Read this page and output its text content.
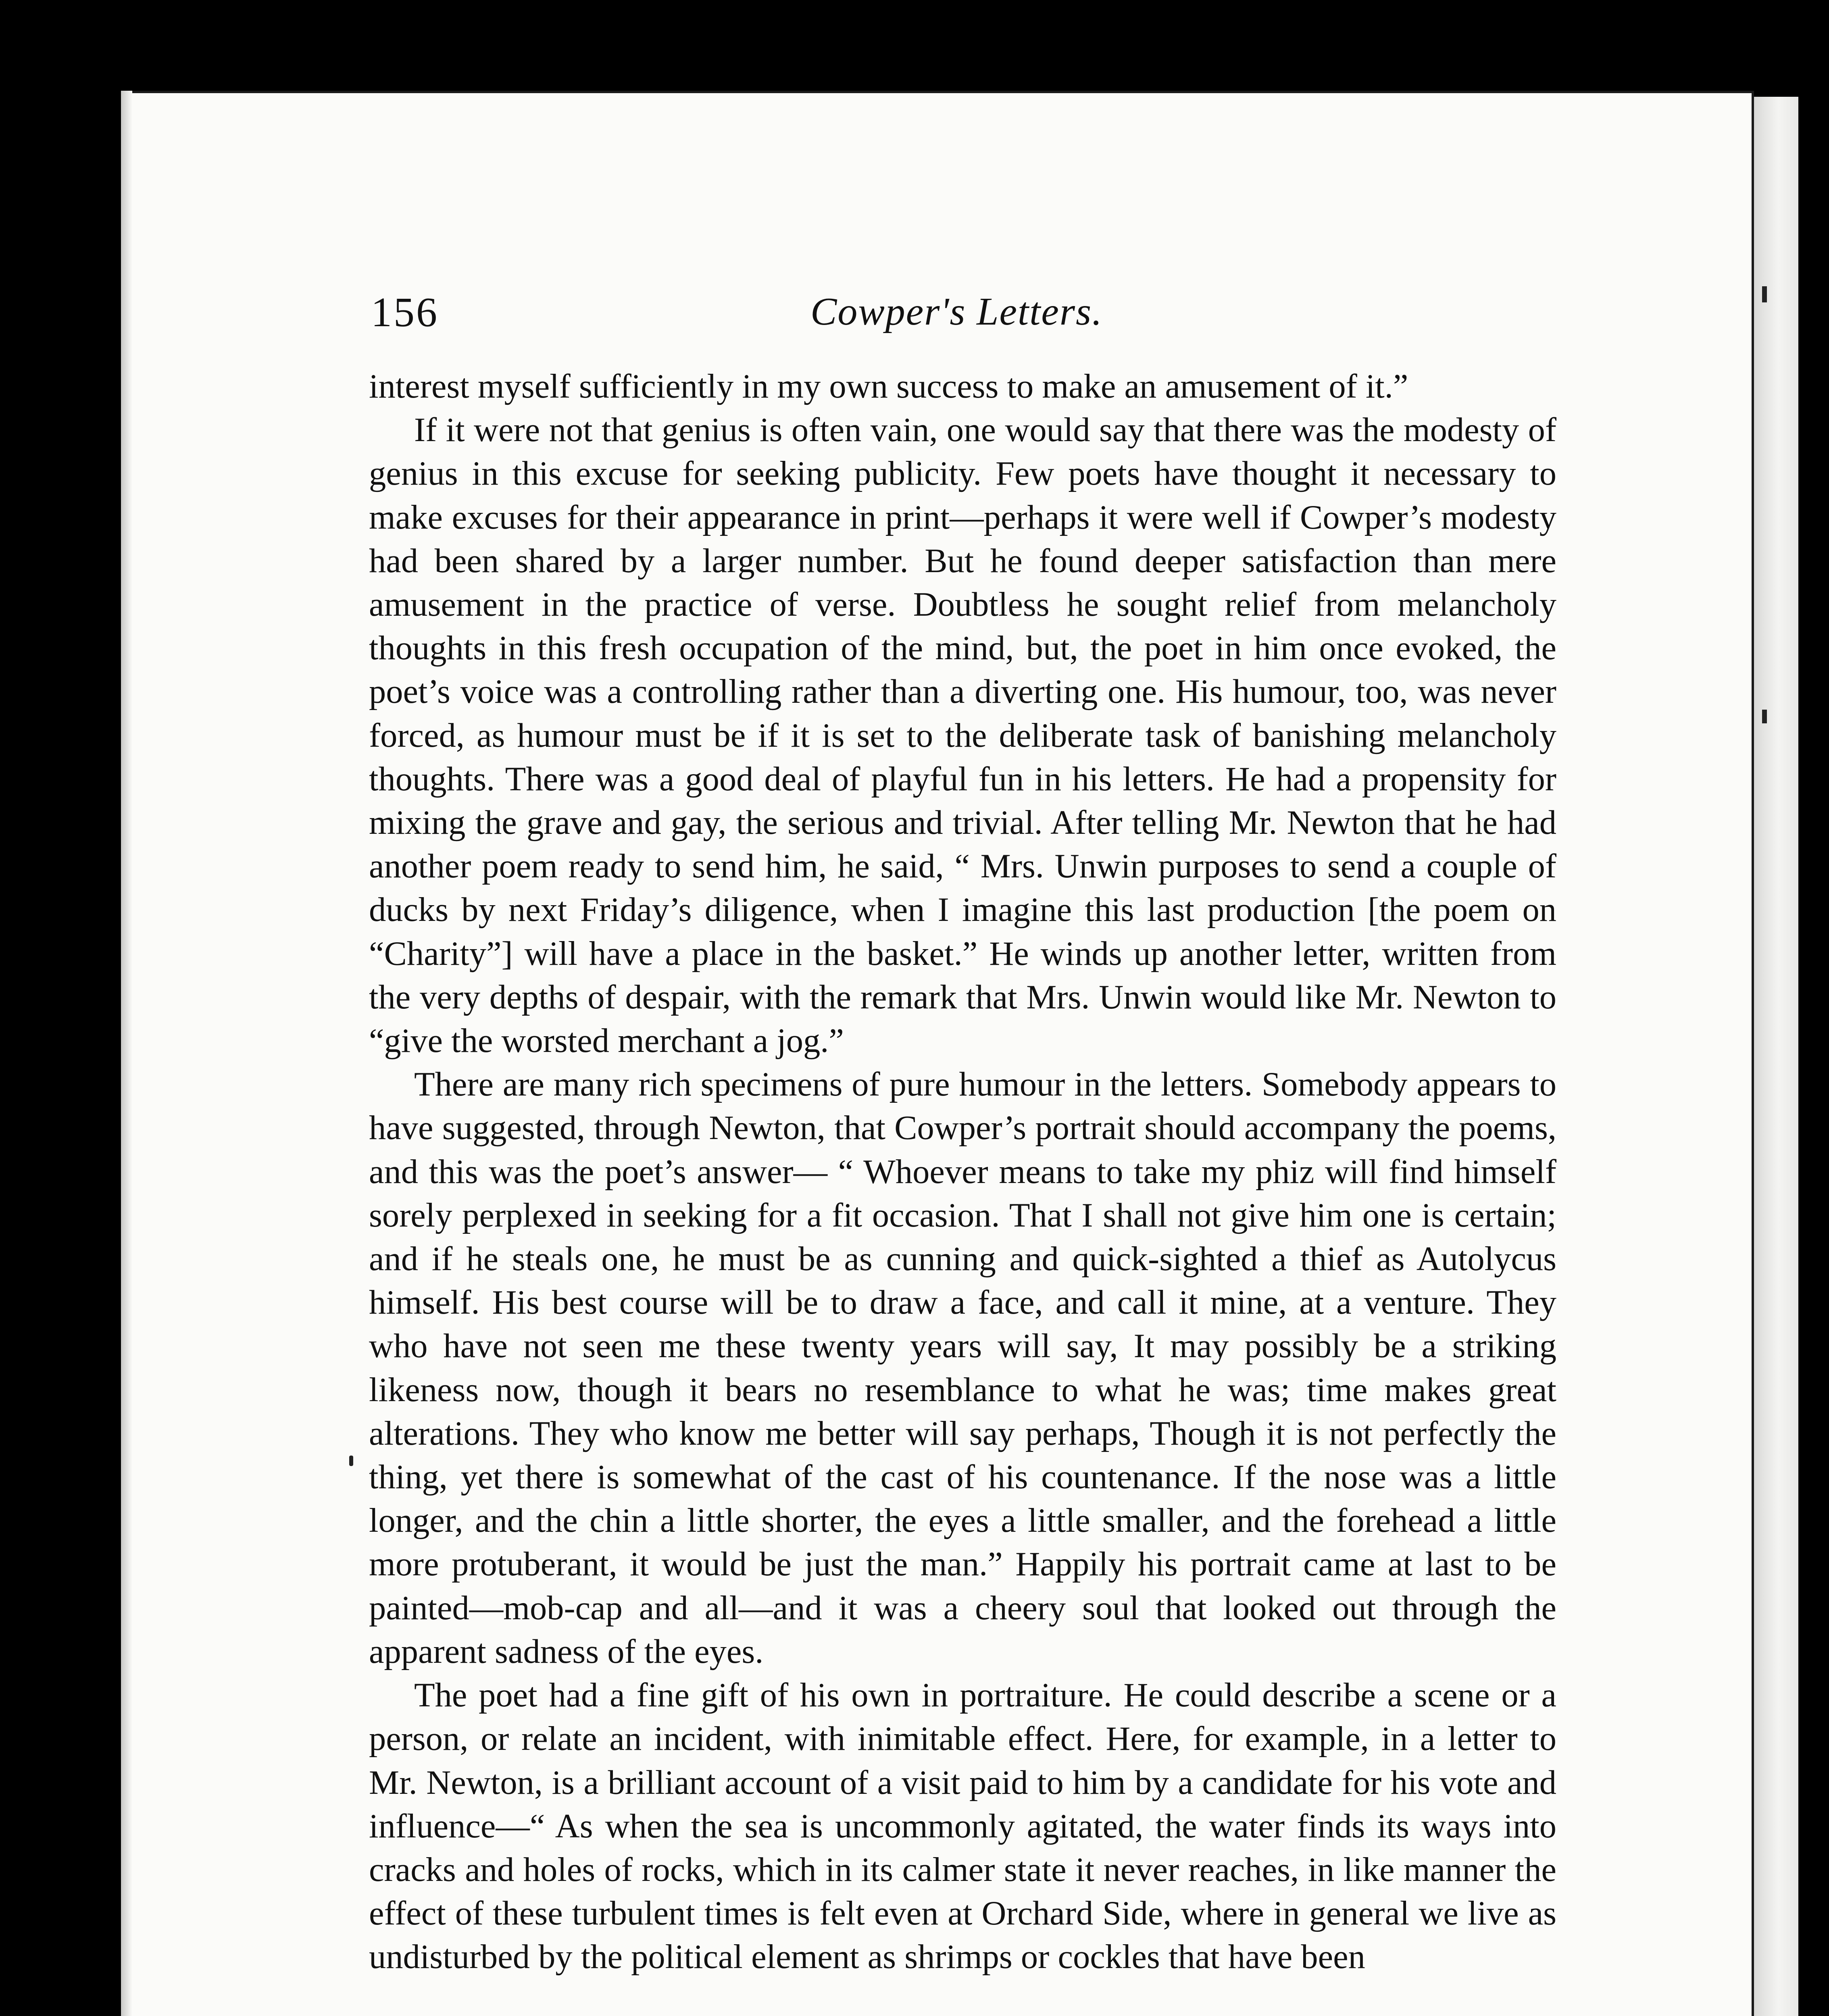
156	Cowper's Letters.

interest myself sufficiently in my own success to make an amusement of it.”

If it were not that genius is often vain, one would say that there was the modesty of genius in this excuse for seeking publicity. Few poets have thought it necessary to make excuses for their appearance in print—perhaps it were well if Cowper’s modesty had been shared by a larger number. But he found deeper satisfaction than mere amusement in the practice of verse. Doubtless he sought relief from melancholy thoughts in this fresh occupation of the mind, but, the poet in him once evoked, the poet’s voice was a controlling rather than a diverting one. His humour, too, was never forced, as humour must be if it is set to the deliberate task of banishing melancholy thoughts. There was a good deal of playful fun in his letters. He had a propensity for mixing the grave and gay, the serious and trivial. After telling Mr. Newton that he had another poem ready to send him, he said, “ Mrs. Unwin purposes to send a couple of ducks by next Friday’s diligence, when I imagine this last production [the poem on “Charity”] will have a place in the basket.” He winds up another letter, written from the very depths of despair, with the remark that Mrs. Unwin would like Mr. Newton to “give the worsted merchant a jog.”

There are many rich specimens of pure humour in the letters. Somebody appears to have suggested, through Newton, that Cowper’s portrait should accompany the poems, and this was the poet’s answer— “ Whoever means to take my phiz will find himself sorely perplexed in seeking for a fit occasion. That I shall not give him one is certain; and if he steals one, he must be as cunning and quick-sighted a thief as Autolycus himself. His best course will be to draw a face, and call it mine, at a venture. They who have not seen me these twenty years will say, It may possibly be a striking likeness now, though it bears no resemblance to what he was; time makes great alterations. They who know me better will say perhaps, Though it is not perfectly the thing, yet there is somewhat of the cast of his countenance. If the nose was a little longer, and the chin a little shorter, the eyes a little smaller, and the forehead a little more protuberant, it would be just the man.” Happily his portrait came at last to be painted—mob-cap and all—and it was a cheery soul that looked out through the apparent sadness of the eyes.

The poet had a fine gift of his own in portraiture. He could describe a scene or a person, or relate an incident, with inimitable effect. Here, for example, in a letter to Mr. Newton, is a brilliant account of a visit paid to him by a candidate for his vote and influence—“ As when the sea is uncommonly agitated, the water finds its ways into cracks and holes of rocks, which in its calmer state it never reaches, in like manner the effect of these turbulent times is felt even at Orchard Side, where in general we live as undisturbed by the political element as shrimps or cockles that have been
